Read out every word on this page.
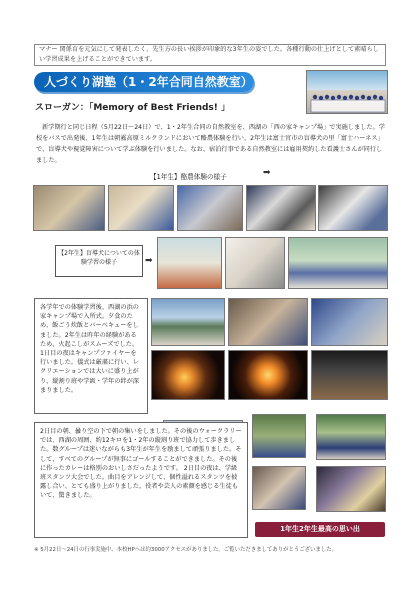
マナー 関係育を元気にして発表したく、先生方の長い挨拶が印象的な3年生の姿でした。各種行動の仕上げとして素晴らしい学習成果を上げることができています。
人づくり湖塾（1・2年合同自然教室）
スローガン：「Memory of Best Friends! 」
新学期行と同じ日程（5月22日～24日）で、1・2年生合同の自然教室を、西湖の「西の家キャンプ場」で実施しました。学校をバスで出発後、1年生は朝霧高原ミルクランドにおいて酪農体験を行い、2年生は富士宮市の盲導犬の里「富士ハーネス」で、盲導犬や視覚障害について学ぶ体験を行いました。なお、宿泊行事である自然教室には雇用契約した看護士さんが同行しました。
【1年生】酪農体験の様子	➡
【2年生】盲導犬についての体験学習の様子	➡
各学年での体験学習後、西湖の浜の家キャンプ場で入所式。夕食のため、飯ごう炊飯とバーベキューをしました。2年生は昨年の経験があるため、火起こしがスムーズでした。 1日目の夜はキャンプファイヤーを行いました。儀式は厳粛に行い、レクリエーションでは大いに盛り上がり、縦割り班や学級・学年の絆が深まりました。
2日目の朝、曇り空の下で朝の集いをしました。その後のウォークラリーでは、西湖の周囲、約12キロを1・2年の縦割り班で協力して歩きました。数グループは迷いながらも3年生が年生を励まして頑張りました。そして、すべてのグループが無事にゴールすることができました。その後に作ったカレーは格別のおいしさだったようです。 2日目の夜は、学級班スタンツ大会でした。曲目をアレンジして、個性溢れるスタンツを披露し合い、とても盛り上がりました。役者や芸人の素顔を感じる生徒もいて、驚きました。
1年生2年生最高の思い出
※ 5月22日～24日の行事実施中、本校HPへは約3000アクセスがありました。ご覧いただきましてありがとうございました。
